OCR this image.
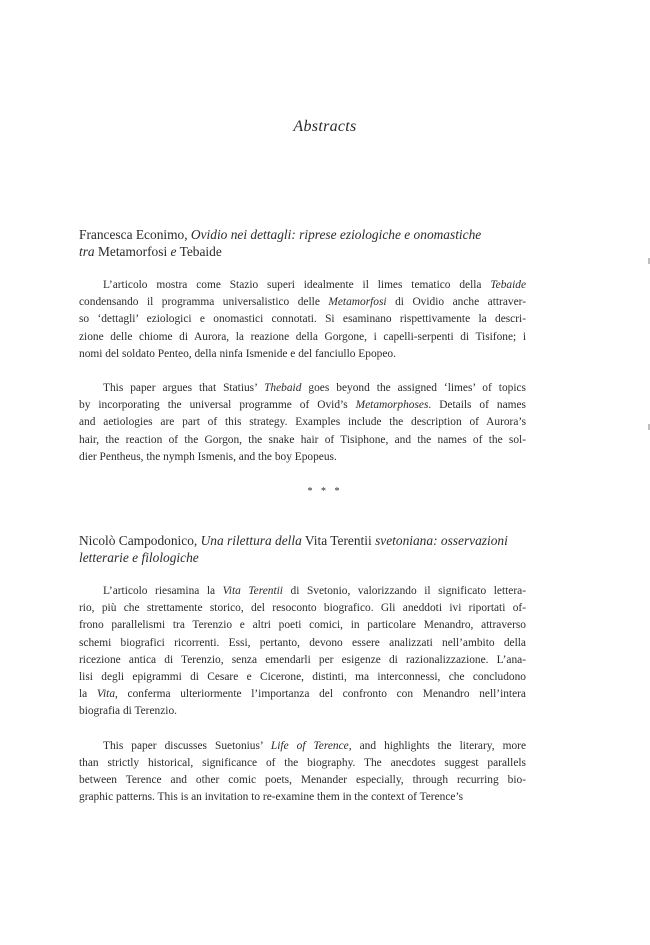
Abstracts

Francesca Econimo, Ovidio nei dettagli: riprese eziologiche e onomastiche
tra Metamorfosi e Tebaide

L’articolo mostra come Stazio superi idealmente il limes tematico della Tebaide
condensando il programma universalistico delle Metamorfosi di Ovidio anche attraver-
so ‘dettagli’ eziologici e onomastici connotati. Si esaminano rispettivamente la descri-
zione delle chiome di Aurora, la reazione della Gorgone, i capelli-serpenti di Tisifone; i
nomi del soldato Penteo, della ninfa Ismenide e del fanciullo Epopeo.
This paper argues that Statius’ Thebaid goes beyond the assigned ‘limes’ of topics
by incorporating the universal programme of Ovid’s Metamorphoses. Details of names
and aetiologies are part of this strategy. Examples include the description of Aurora’s
hair, the reaction of the Gorgon, the snake hair of Tisiphone, and the names of the sol-
dier Pentheus, the nymph Ismenis, and the boy Epopeus.
* * *

Nicolò Campodonico, Una rilettura della Vita Terentii svetoniana: osservazioni
letterarie e filologiche

L’articolo riesamina la Vita Terentii di Svetonio, valorizzando il significato lettera-
rio, più che strettamente storico, del resoconto biografico. Gli aneddoti ivi riportati of-
frono parallelismi tra Terenzio e altri poeti comici, in particolare Menandro, attraverso
schemi biografici ricorrenti. Essi, pertanto, devono essere analizzati nell’ambito della
ricezione antica di Terenzio, senza emendarli per esigenze di razionalizzazione. L’ana-
lisi degli epigrammi di Cesare e Cicerone, distinti, ma interconnessi, che concludono
la Vita, conferma ulteriormente l’importanza del confronto con Menandro nell’intera
biografia di Terenzio.
This paper discusses Suetonius’ Life of Terence, and highlights the literary, more
than strictly historical, significance of the biography. The anecdotes suggest parallels
between Terence and other comic poets, Menander especially, through recurring bio-
graphic patterns. This is an invitation to re-examine them in the context of Terence’s
